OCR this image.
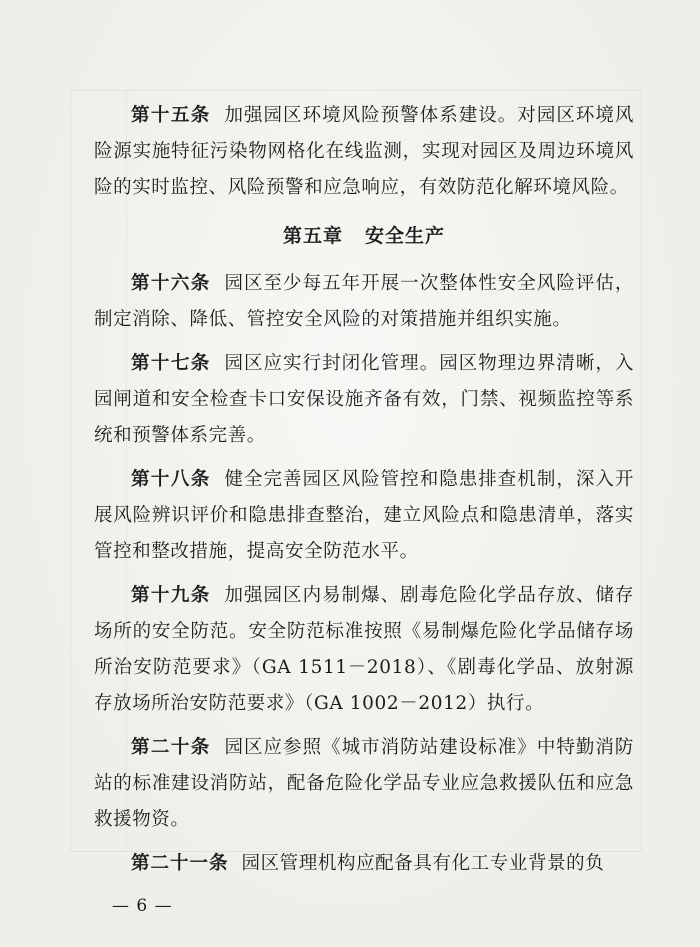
第十五条 加强园区环境风险预警体系建设。对园区环境风险源实施特征污染物网格化在线监测，实现对园区及周边环境风险的实时监控、风险预警和应急响应，有效防范化解环境风险。

第五章 安全生产

第十六条 园区至少每五年开展一次整体性安全风险评估，制定消除、降低、管控安全风险的对策措施并组织实施。

第十七条 园区应实行封闭化管理。园区物理边界清晰，入园闸道和安全检查卡口安保设施齐备有效，门禁、视频监控等系统和预警体系完善。

第十八条 健全完善园区风险管控和隐患排查机制，深入开展风险辨识评价和隐患排查整治，建立风险点和隐患清单，落实管控和整改措施，提高安全防范水平。

第十九条 加强园区内易制爆、剧毒危险化学品存放、储存场所的安全防范。安全防范标准按照《易制爆危险化学品储存场所治安防范要求》（GA 1511－2018）、《剧毒化学品、放射源存放场所治安防范要求》（GA 1002－2012）执行。

第二十条 园区应参照《城市消防站建设标准》中特勤消防站的标准建设消防站，配备危险化学品专业应急救援队伍和应急救援物资。

第二十一条 园区管理机构应配备具有化工专业背景的负

— 6 —
